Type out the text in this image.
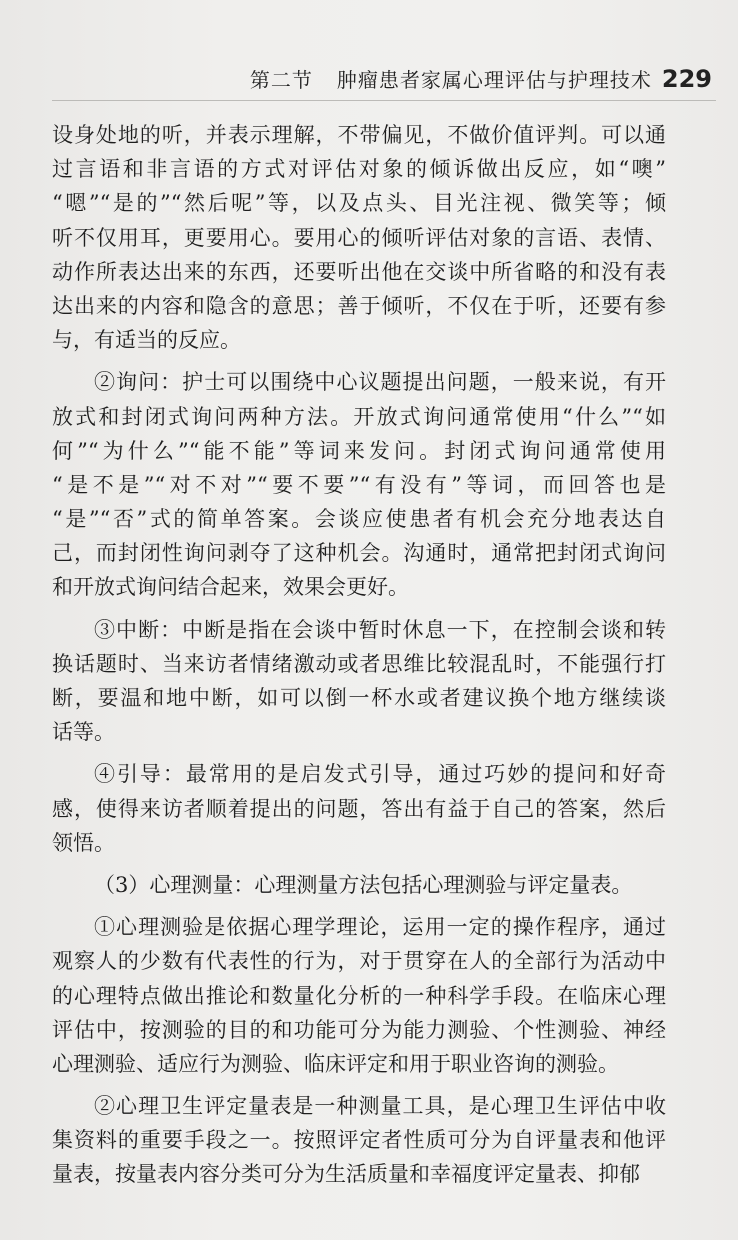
第二节 肿瘤患者家属心理评估与护理技术 229
设身处地的听，并表示理解，不带偏见，不做价值评判。可以通
过言语和非言语的方式对评估对象的倾诉做出反应，如“噢”
“嗯”“是的”“然后呢”等，以及点头、目光注视、微笑等；倾
听不仅用耳，更要用心。要用心的倾听评估对象的言语、表情、
动作所表达出来的东西，还要听出他在交谈中所省略的和没有表
达出来的内容和隐含的意思；善于倾听，不仅在于听，还要有参
与，有适当的反应。
②询问：护士可以围绕中心议题提出问题，一般来说，有开
放式和封闭式询问两种方法。开放式询问通常使用“什么”“如
何”“为什么”“能不能”等词来发问。封闭式询问通常使用
“是不是”“对不对”“要不要”“有没有”等词，而回答也是
“是”“否”式的简单答案。会谈应使患者有机会充分地表达自
己，而封闭性询问剥夺了这种机会。沟通时，通常把封闭式询问
和开放式询问结合起来，效果会更好。
③中断：中断是指在会谈中暂时休息一下，在控制会谈和转
换话题时、当来访者情绪激动或者思维比较混乱时，不能强行打
断，要温和地中断，如可以倒一杯水或者建议换个地方继续谈
话等。
④引导：最常用的是启发式引导，通过巧妙的提问和好奇
感，使得来访者顺着提出的问题，答出有益于自己的答案，然后
领悟。
（3）心理测量：心理测量方法包括心理测验与评定量表。
①心理测验是依据心理学理论，运用一定的操作程序，通过
观察人的少数有代表性的行为，对于贯穿在人的全部行为活动中
的心理特点做出推论和数量化分析的一种科学手段。在临床心理
评估中，按测验的目的和功能可分为能力测验、个性测验、神经
心理测验、适应行为测验、临床评定和用于职业咨询的测验。
②心理卫生评定量表是一种测量工具，是心理卫生评估中收
集资料的重要手段之一。按照评定者性质可分为自评量表和他评
量表，按量表内容分类可分为生活质量和幸福度评定量表、抑郁
